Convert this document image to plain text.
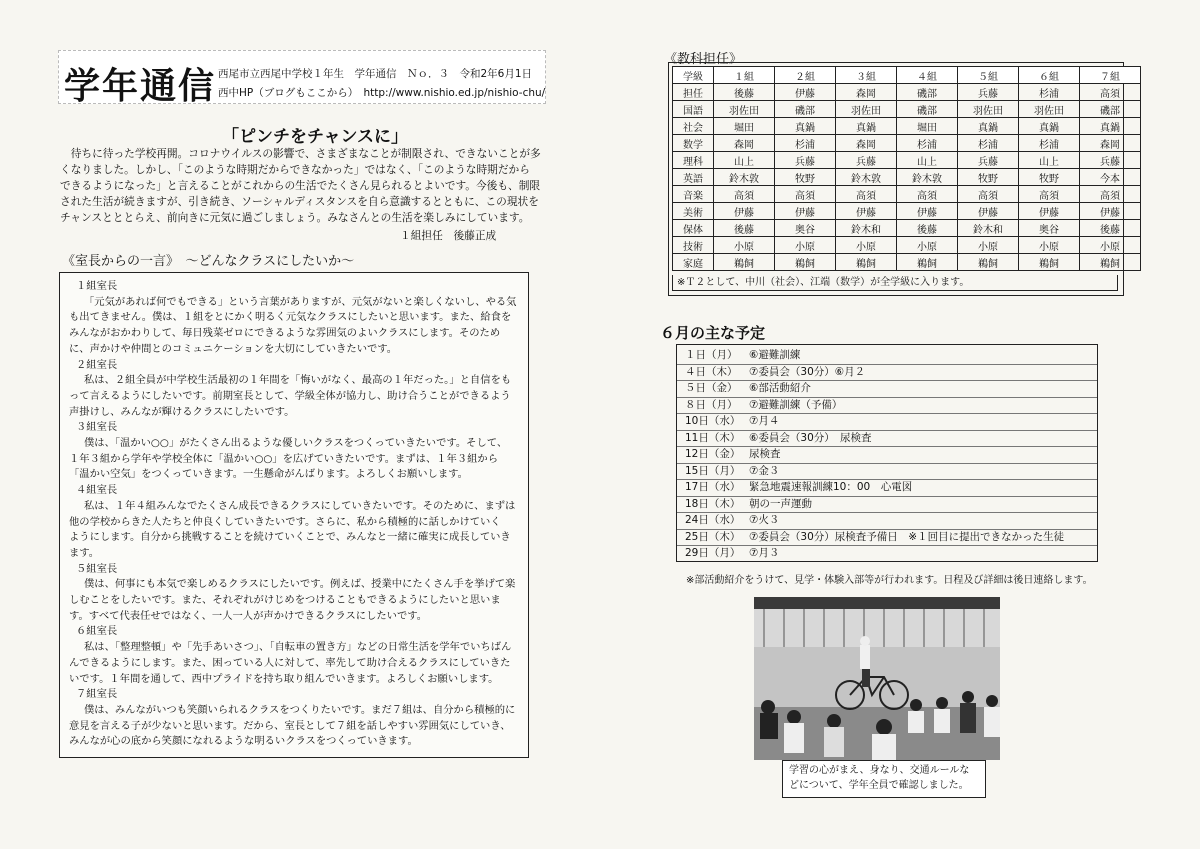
学年通信 西尾市立西尾中学校１年生　学年通信　Ｎｏ．３　令和2年6月1日
西中HP（ブログもここから）　http://www.nishio.ed.jp/nishio-chu/
「ピンチをチャンスに」
　待ちに待った学校再開。コロナウイルスの影響で、さまざまなことが制限され、できないことが多
くなりました。しかし、「このような時期だからできなかった」ではなく、「このような時期だから
できるようになった」と言えることがこれからの生活でたくさん見られるとよいです。今後も、制限
された生活が続きますが、引き続き、ソーシャルディスタンスを自ら意識するとともに、この現状を
チャンスとととらえ、前向きに元気に過ごしましょう。みなさんとの生活を楽しみにしています。
１組担任　後藤正成
《室長からの一言》　～どんなクラスにしたいか～
１組室長
「元気があれば何でもできる」という言葉がありますが、元気がないと楽しくないし、やる気
も出てきません。僕は、１組をとにかく明るく元気なクラスにしたいと思います。また、給食を
みんながおかわりして、毎日残菜ゼロにできるような雰囲気のよいクラスにします。そのため
に、声かけや仲間とのコミュニケーションを大切にしていきたいです。
２組室長
私は、２組全員が中学校生活最初の１年間を「悔いがなく、最高の１年だった。」と自信をも
って言えるようにしたいです。前期室長として、学級全体が協力し、助け合うことができるよう
声掛けし、みんなが輝けるクラスにしたいです。
３組室長
僕は、「温かい○○」がたくさん出るような優しいクラスをつくっていきたいです。そして、
１年３組から学年や学校全体に「温かい○○」を広げていきたいです。まずは、１年３組から
「温かい空気」をつくっていきます。一生懸命がんばります。よろしくお願いします。
４組室長
私は、１年４組みんなでたくさん成長できるクラスにしていきたいです。そのために、まずは
他の学校からきた人たちと仲良くしていきたいです。さらに、私から積極的に話しかけていく
ようにします。自分から挑戦することを続けていくことで、みんなと一緒に確実に成長していき
ます。
５組室長
僕は、何事にも本気で楽しめるクラスにしたいです。例えば、授業中にたくさん手を挙げて楽
しむことをしたいです。また、それぞれがけじめをつけることもできるようにしたいと思いま
す。すべて代表任せではなく、一人一人が声かけできるクラスにしたいです。
６組室長
私は、「整理整頓」や「先手あいさつ」、「自転車の置き方」などの日常生活を学年でいちばん
んできるようにします。また、困っている人に対して、率先して助け合えるクラスにしていきた
いです。１年間を通して、西中プライドを持ち取り組んでいきます。よろしくお願いします。
７組室長
僕は、みんながいつも笑顔いられるクラスをつくりたいです。まだ７組は、自分から積極的に
意見を言える子が少ないと思います。だから、室長として７組を話しやすい雰囲気にしていき、
みんなが心の底から笑顔になれるような明るいクラスをつくっていきます。
《教科担任》
学級	１組	２組	３組	４組	５組	６組	７組
担任	後藤	伊藤	森岡	磯部	兵藤	杉浦	高須
国語	羽佐田	磯部	羽佐田	磯部	羽佐田	羽佐田	磯部
社会	堀田	真鍋	真鍋	堀田	真鍋	真鍋	真鍋
数学	森岡	杉浦	森岡	杉浦	杉浦	杉浦	森岡
理科	山上	兵藤	兵藤	山上	兵藤	山上	兵藤
英語	鈴木敦	牧野	鈴木敦	鈴木敦	牧野	牧野	今本
音楽	高須	高須	高須	高須	高須	高須	高須
美術	伊藤	伊藤	伊藤	伊藤	伊藤	伊藤	伊藤
保体	後藤	奥谷	鈴木和	後藤	鈴木和	奥谷	後藤
技術	小原	小原	小原	小原	小原	小原	小原
家庭	鵜飼	鵜飼	鵜飼	鵜飼	鵜飼	鵜飼	鵜飼
※Ｔ２として、中川（社会）、江端（数学）が全学級に入ります。
６月の主な予定
１日（月）	⑥避難訓練
４日（木）	⑦委員会（30分）⑥月２
５日（金）	⑥部活動紹介
８日（月）	⑦避難訓練（予備）
10日（水） ⑦月４
11日（木） ⑥委員会（30分）　尿検査
12日（金） 尿検査
15日（月） ⑦金３
17日（水） 緊急地震速報訓練10：00　心電図
18日（木） 朝の一声運動
24日（水） ⑦火３
25日（木） ⑦委員会（30分）尿検査予備日　※１回目に提出できなかった生徒
29日（月） ⑦月３
※部活動紹介をうけて、見学・体験入部等が行われます。日程及び詳細は後日連絡します。
学習の心がまえ、身なり、交通ルールな
どについて、学年全員で確認しました。
